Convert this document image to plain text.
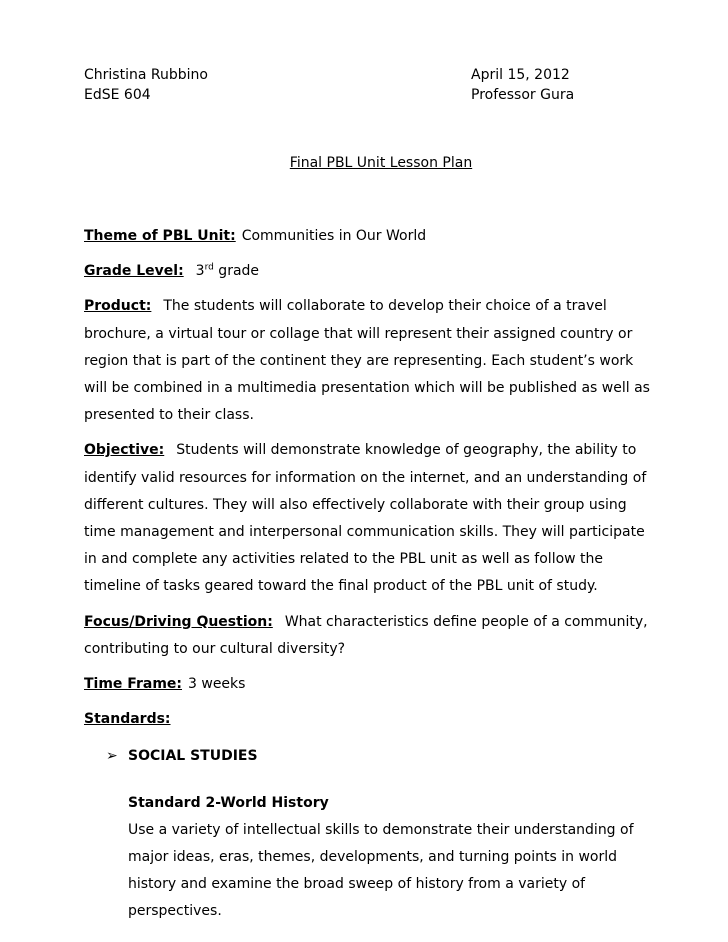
Christina Rubbino
EdSE 604
April 15, 2012
Professor Gura
Final PBL Unit Lesson Plan

Theme of PBL Unit: Communities in Our World

Grade Level: 3rd grade

Product: The students will collaborate to develop their choice of a travel brochure, a virtual tour or collage that will represent their assigned country or region that is part of the continent they are representing. Each student’s work will be combined in a multimedia presentation which will be published as well as presented to their class.

Objective: Students will demonstrate knowledge of geography, the ability to identify valid resources for information on the internet, and an understanding of different cultures. They will also effectively collaborate with their group using time management and interpersonal communication skills. They will participate in and complete any activities related to the PBL unit as well as follow the timeline of tasks geared toward the final product of the PBL unit of study.

Focus/Driving Question: What characteristics define people of a community, contributing to our cultural diversity?

Time Frame: 3 weeks

Standards:

➢ SOCIAL STUDIES
Standard 2-World History
Use a variety of intellectual skills to demonstrate their understanding of major ideas, eras, themes, developments, and turning points in world history and examine the broad sweep of history from a variety of perspectives.
